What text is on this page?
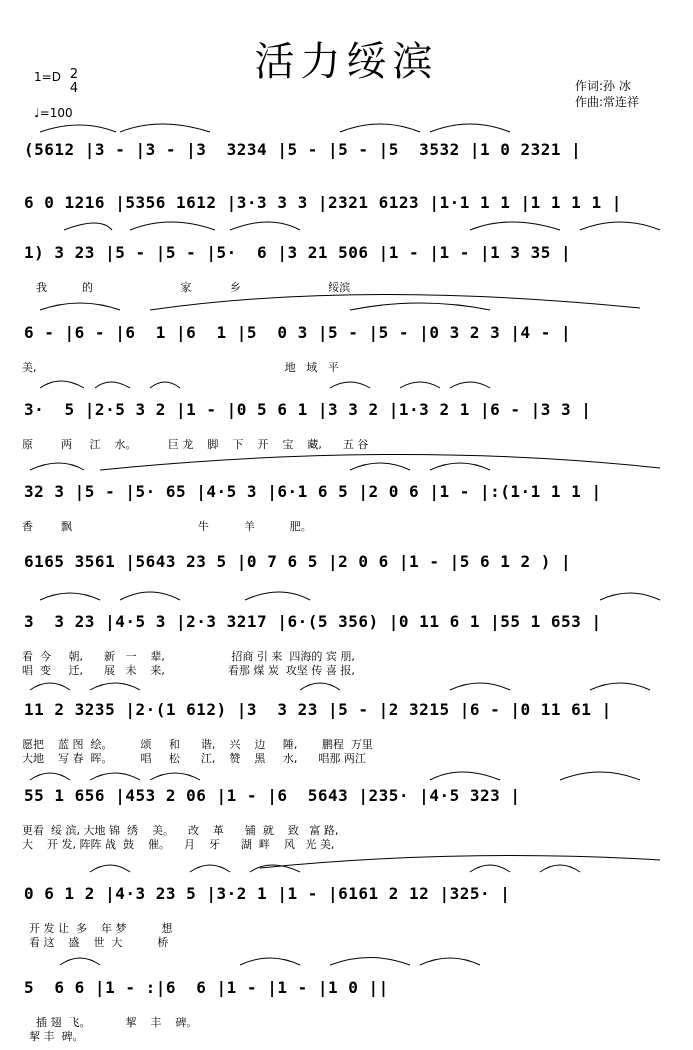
活力绥滨
1=D 2
4
♩=100
作词:孙 冰
作曲:常连祥
(5612 |3 - |3 - |3  3234 |5 - |5 - |5  3532 |1 0 2321 |
6 0 1216 |5356 1612 |3·3 3 3 |2321 6123 |1·1 1 1 |1 1 1 1 |
1) 3 23 |5 - |5 - |5·  6 |3 21 506 |1 - |1 - |1 3 35 |
我          的                         家           乡                         绥滨
6 - |6 - |6  1 |6  1 |5  0 3 |5 - |5 - |0 3 2 3 |4 - |
美,                                                                       地   域   平
3·  5 |2·5 3 2 |1 - |0 5 6 1 |3 3 2 |1·3 2 1 |6 - |3 3 |
原        两     江    水。         巨 龙    脚    下    开    宝    藏,      五 谷
32 3 |5 - |5· 65 |4·5 3 |6·1 6 5 |2 0 6 |1 - |:(1·1 1 1 |
香        飘                                    牛          羊          肥。
6165 3561 |5643 23 5 |0 7 6 5 |2 0 6 |1 - |5 6 1 2 ) |
3  3 23 |4·5 3 |2·3 3217 |6·(5 356) |0 11 6 1 |55 1 653 |
看  今     朝,      新   一    辈,                   招商 引 来  四海的 宾 朋,
唱  变     迁,      展   未    来,                  看那 煤 炭  攻坚 传 喜 报,
11 2 3235 |2·(1 612) |3  3 23 |5 - |2 3215 |6 - |0 11 61 |
愿把    蓝 图  绘。        颂     和      谐,    兴    边     陲,       鹏程  万里
大地    写 春  晖。        唱     松      江,    赞    黑     水,      唱那 两江
55 1 656 |453 2 06 |1 - |6  5643 |235· |4·5 323 |
更看  绥 滨, 大地 锦  绣    美。    改    革      铺  就    致   富 路,
大    开 发, 阵阵 战  鼓    催。    月    牙      湖  畔    风   光 美,
0 6 1 2 |4·3 23 5 |3·2 1 |1 - |6161 2 12 |325· |
开 发 让  多    年 梦          想
看 这    盛    世  大          桥
5  6 6 |1 - :|6  6 |1 - |1 - |1 0 ||
插 翅  飞。          挈    丰    碑。
挈 丰  碑。
